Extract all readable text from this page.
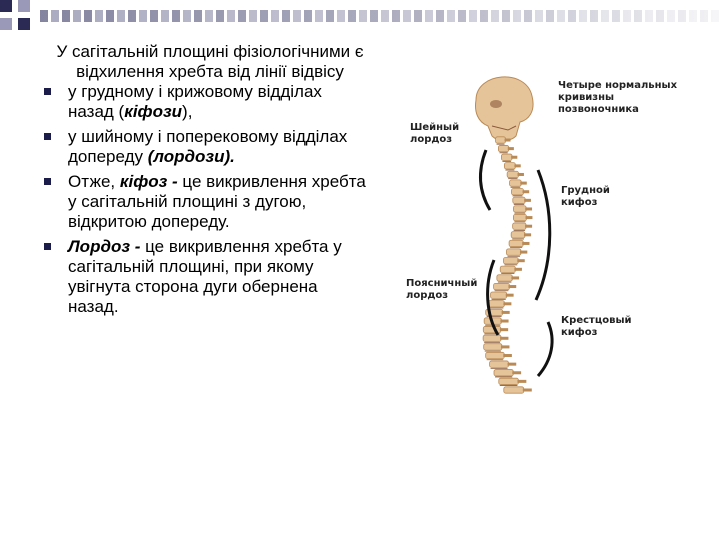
У сагітальній площині фізіологічними є відхилення хребта від лінії відвісу

у грудному і крижовому відділах назад (кіфози),
у шийному і поперековому відділах допереду (лордози).
Отже, кіфоз - це викривлення хребта у сагітальній площині з дугою, відкритою допереду.
Лордоз - це викривлення хребта у сагітальній площині, при якому увігнута сторона дуги обернена назад.
Четыре нормальных кривизны позвоночника
Шейный лордоз
Грудной кифоз
Поясничный лордоз
Крестцовый кифоз
